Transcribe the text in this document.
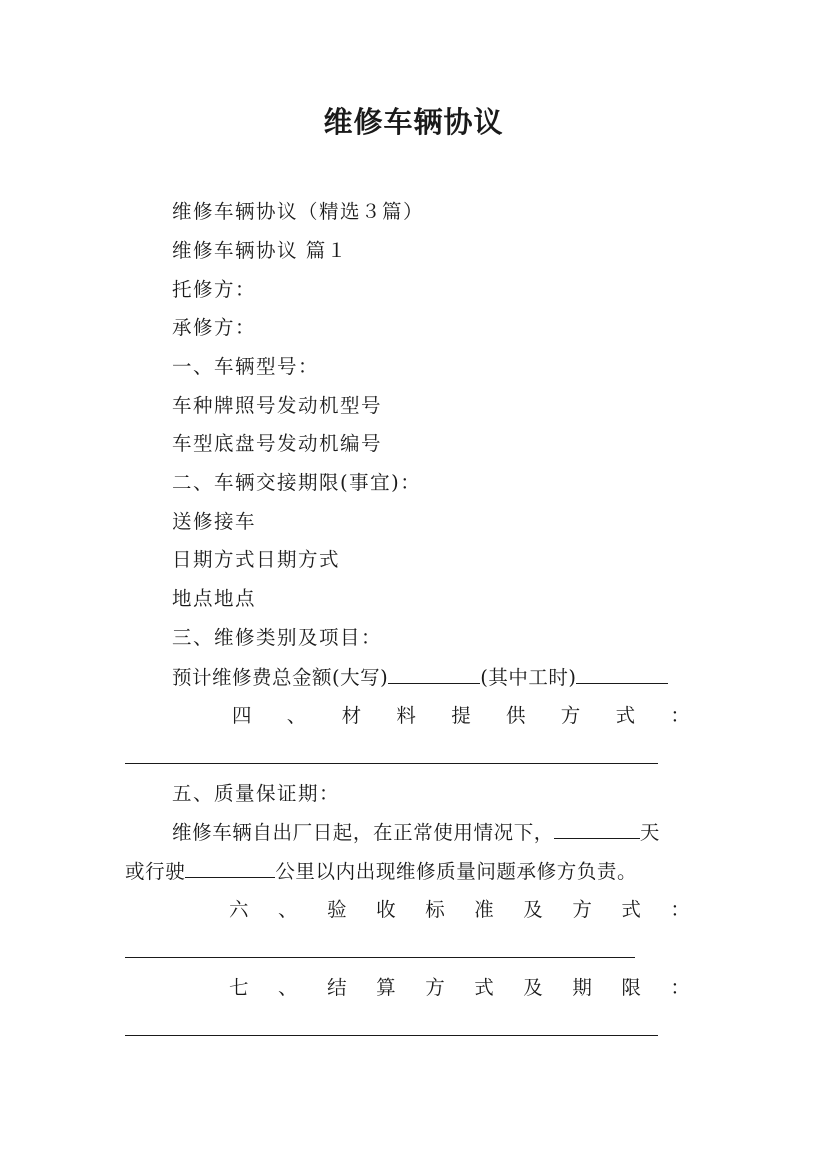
维修车辆协议
维修车辆协议（精选３篇）
维修车辆协议 篇１
托修方：
承修方：
一、车辆型号：
车种牌照号发动机型号
车型底盘号发动机编号
二、车辆交接期限(事宜)：
送修接车
日期方式日期方式
地点地点
三、维修类别及项目：
预计维修费总金额(大写)	(其中工时)
四 、 材 料 提 供 方 式 ：
五、质量保证期：
维修车辆自出厂日起，在正常使用情况下，	天
或行驶	公里以内出现维修质量问题承修方负责。
六 、 验 收 标 准 及 方 式 ：
七 、 结 算 方 式 及 期 限 ：
